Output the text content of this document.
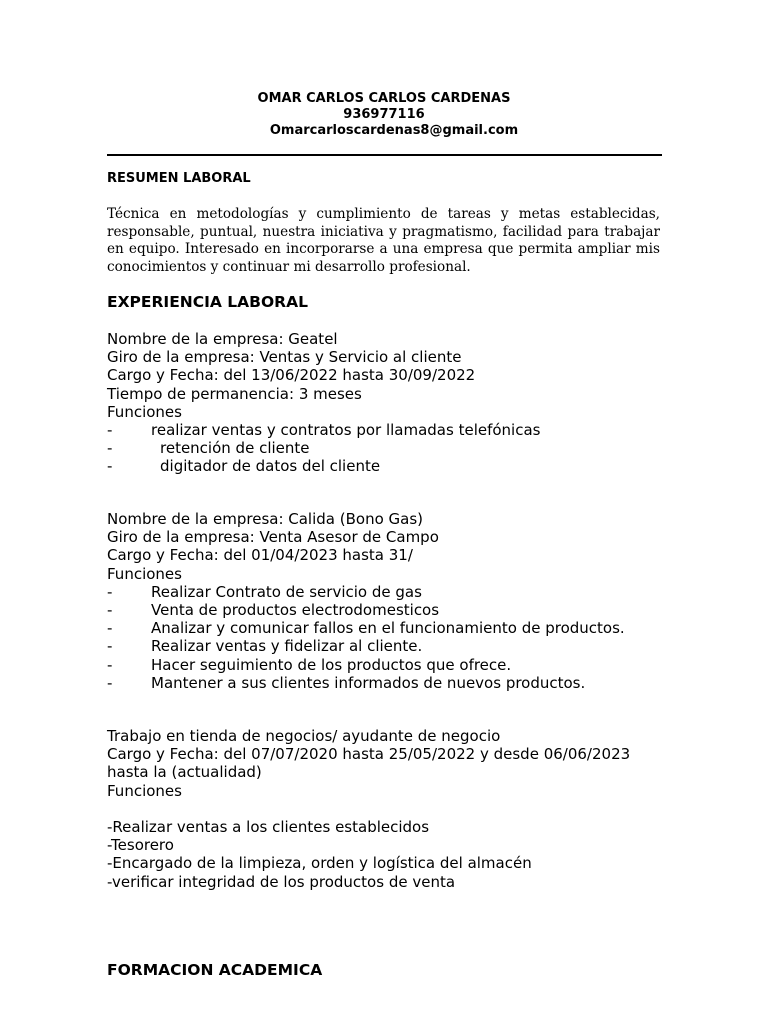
OMAR CARLOS CARLOS CARDENAS
936977116
Omarcarloscardenas8@gmail.com
RESUMEN LABORAL
Técnica en metodologías y cumplimiento de tareas y metas establecidas, responsable, puntual, nuestra iniciativa y pragmatismo, facilidad para trabajar en equipo. Interesado en incorporarse a una empresa que permita ampliar mis conocimientos y continuar mi desarrollo profesional.
EXPERIENCIA LABORAL
Nombre de la empresa: Geatel
Giro de la empresa: Ventas y Servicio al cliente
Cargo y Fecha: del 13/06/2022 hasta 30/09/2022
Tiempo de permanencia: 3 meses
Funciones
-	realizar ventas y contratos por llamadas telefónicas
-	retención de cliente
-	digitador de datos del cliente
Nombre de la empresa: Calida (Bono Gas)
Giro de la empresa: Venta Asesor de Campo
Cargo y Fecha: del 01/04/2023 hasta 31/
Funciones
-	Realizar Contrato de servicio de gas
-	Venta de productos electrodomesticos
-	Analizar y comunicar fallos en el funcionamiento de productos.
-	Realizar ventas y fidelizar al cliente.
-	Hacer seguimiento de los productos que ofrece.
-	Mantener a sus clientes informados de nuevos productos.
Trabajo en tienda de negocios/ ayudante de negocio
Cargo y Fecha: del 07/07/2020 hasta 25/05/2022 y desde 06/06/2023
hasta la (actualidad)
Funciones
-Realizar ventas a los clientes establecidos
-Tesorero
-Encargado de la limpieza, orden y logística del almacén
-verificar integridad de los productos de venta
FORMACION ACADEMICA
